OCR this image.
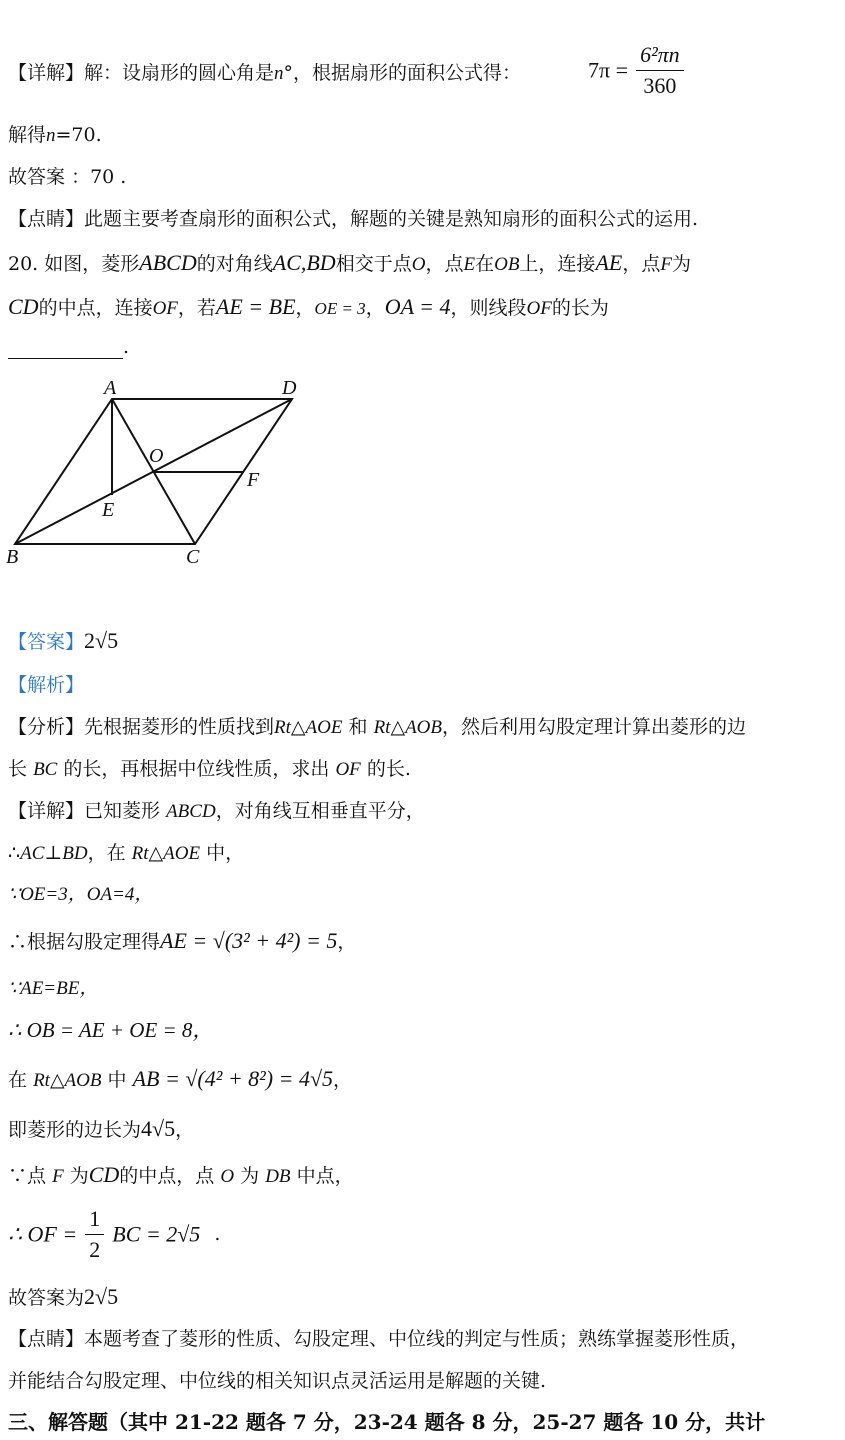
【详解】解：设扇形的圆心角是n°，根据扇形的面积公式得：	$7\pi = \frac{\text{6²πn}}{360}$
解得n=70.
故答案 ：70 .
【点睛】此题主要考查扇形的面积公式，解题的关键是熟知扇形的面积公式的运用.
20. 如图，菱形ABCD的对角线AC,BD相交于点O，点E在OB上，连接AE，点F为
CD的中点，连接OF，若AE = BE，OE = 3，OA = 4，则线段OF的长为
.
A	D
O
F
E
B	C
【答案】2√5
【解析】
【分析】先根据菱形的性质找到Rt△AOE 和 Rt△AOB，然后利用勾股定理计算出菱形的边
长 BC 的长，再根据中位线性质，求出 OF 的长.
【详解】已知菱形 ABCD，对角线互相垂直平分，
∴AC⊥BD，在 Rt△AOE 中，
∵OE=3，OA=4，
∴根据勾股定理得AE = √(3² + 4²) = 5，
∵AE=BE，
∴ OB = AE + OE = 8，
在 Rt△AOB 中 AB = √(4² + 8²) = 4√5，
即菱形的边长为4√5，
∵点 F 为CD的中点，点 O 为 DB 中点，
∴ OF = $\frac{1}{2}$ BC = 2√5 .
故答案为2√5
【点睛】本题考查了菱形的性质、勾股定理、中位线的判定与性质；熟练掌握菱形性质，
并能结合勾股定理、中位线的相关知识点灵活运用是解题的关键.
三、解答题（其中 21-22 题各 7 分，23-24 题各 8 分，25-27 题各 10 分，共计
